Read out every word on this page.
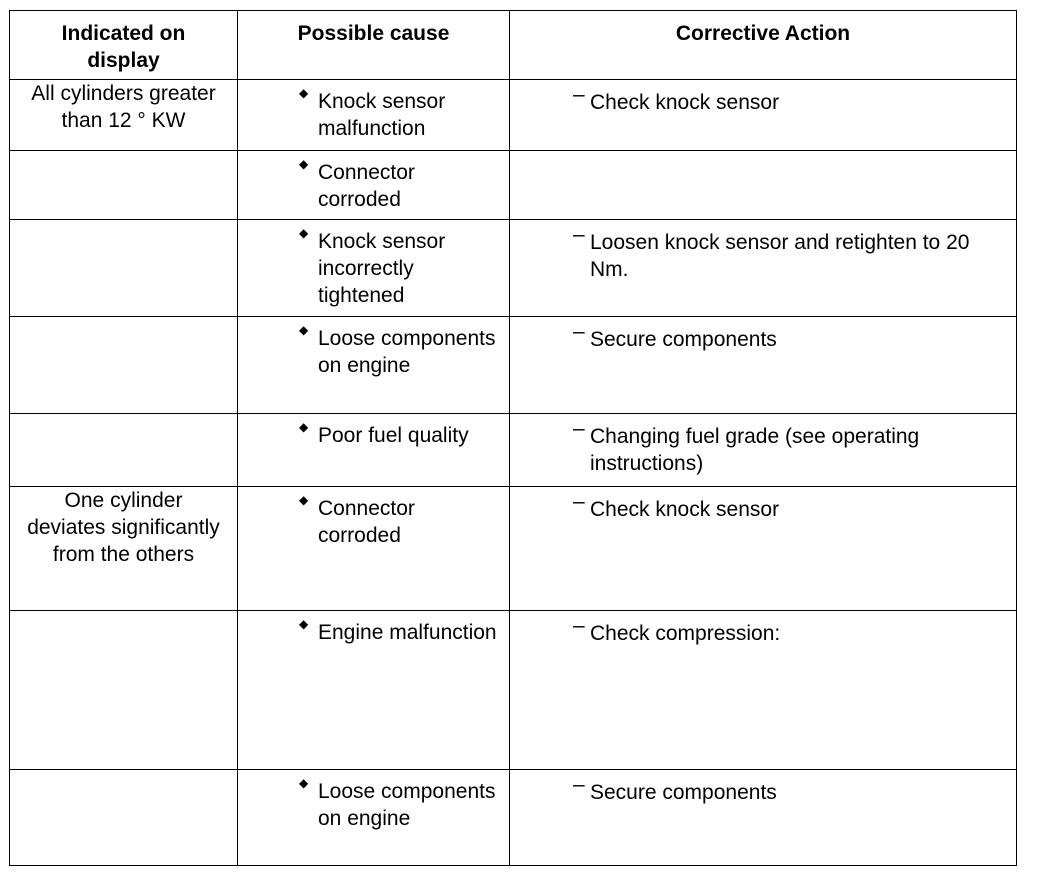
Indicated on display	Possible cause	Corrective Action
All cylinders greater than 12 ° KW	◆ Knock sensor malfunction	– Check knock sensor

	◆ Connector corroded	

	◆ Knock sensor incorrectly tightened	– Loosen knock sensor and retighten to 20 Nm.

	◆ Loose components on engine	– Secure components

	◆ Poor fuel quality	– Changing fuel grade (see operating instructions)

One cylinder deviates significantly from the others	◆ Connector corroded	– Check knock sensor

	◆ Engine malfunction	– Check compression:

	◆ Loose components on engine	– Secure components
